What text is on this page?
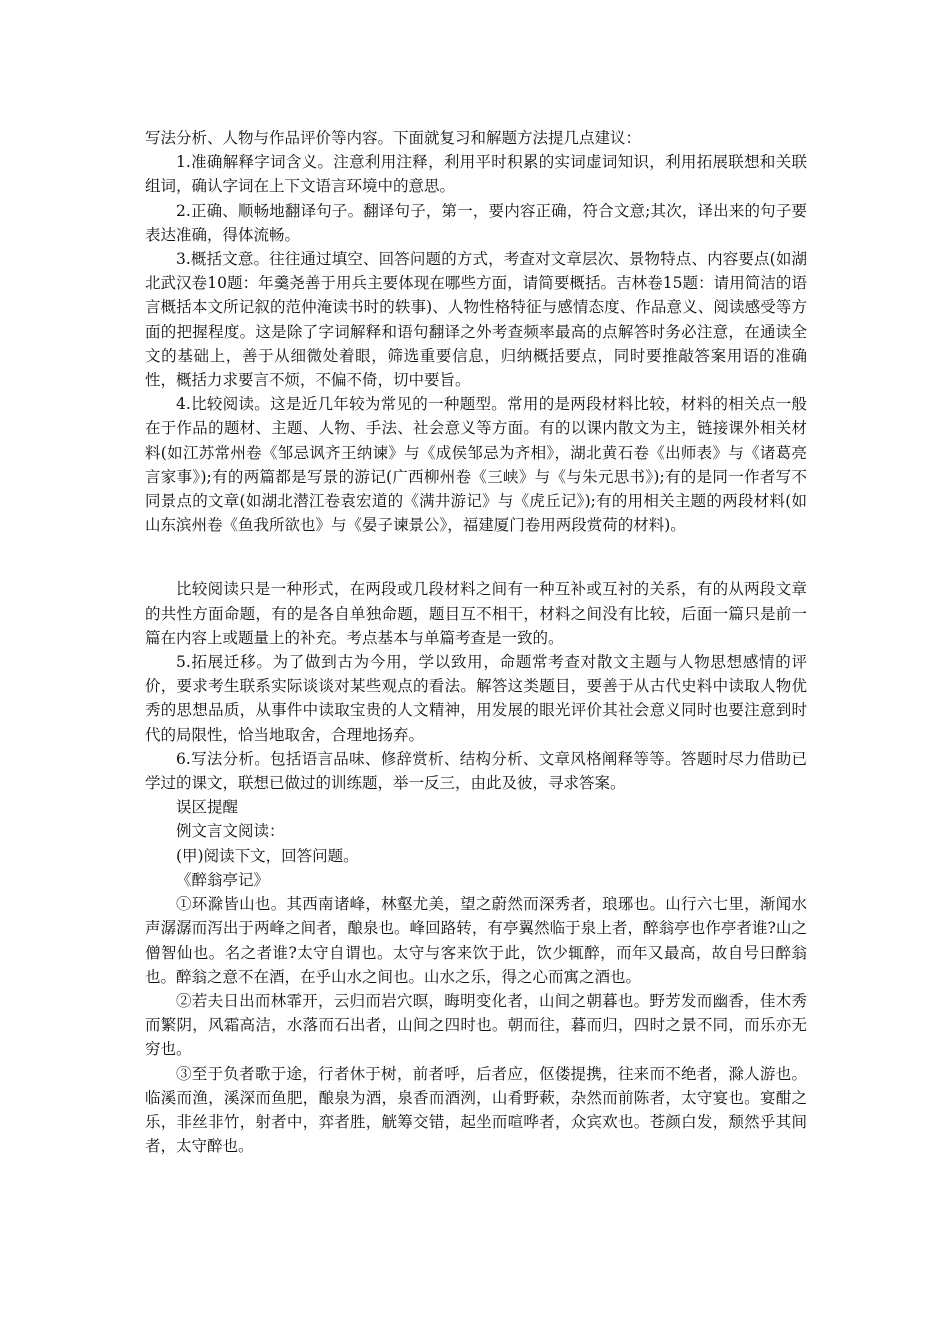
写法分析、人物与作品评价等内容。下面就复习和解题方法提几点建议：

1.准确解释字词含义。注意利用注释，利用平时积累的实词虚词知识，利用拓展联想和关联组词，确认字词在上下文语言环境中的意思。

2.正确、顺畅地翻译句子。翻译句子，第一，要内容正确，符合文意;其次，译出来的句子要表达准确，得体流畅。

3.概括文意。往往通过填空、回答问题的方式，考查对文章层次、景物特点、内容要点(如湖北武汉卷10题：年羹尧善于用兵主要体现在哪些方面，请简要概括。吉林卷15题：请用简洁的语言概括本文所记叙的范仲淹读书时的轶事)、人物性格特征与感情态度、作品意义、阅读感受等方面的把握程度。这是除了字词解释和语句翻译之外考查频率最高的点解答时务必注意，在通读全文的基础上，善于从细微处着眼，筛选重要信息，归纳概括要点，同时要推敲答案用语的准确性，概括力求要言不烦，不偏不倚，切中要旨。

4.比较阅读。这是近几年较为常见的一种题型。常用的是两段材料比较，材料的相关点一般在于作品的题材、主题、人物、手法、社会意义等方面。有的以课内散文为主，链接课外相关材料(如江苏常州卷《邹忌讽齐王纳谏》与《成侯邹忌为齐相》，湖北黄石卷《出师表》与《诸葛亮言家事》);有的两篇都是写景的游记(广西柳州卷《三峡》与《与朱元思书》);有的是同一作者写不同景点的文章(如湖北潜江卷袁宏道的《满井游记》与《虎丘记》);有的用相关主题的两段材料(如山东滨州卷《鱼我所欲也》与《晏子谏景公》，福建厦门卷用两段赏荷的材料)。

比较阅读只是一种形式，在两段或几段材料之间有一种互补或互衬的关系，有的从两段文章的共性方面命题，有的是各自单独命题，题目互不相干，材料之间没有比较，后面一篇只是前一篇在内容上或题量上的补充。考点基本与单篇考查是一致的。

5.拓展迁移。为了做到古为今用，学以致用，命题常考查对散文主题与人物思想感情的评价，要求考生联系实际谈谈对某些观点的看法。解答这类题目，要善于从古代史料中读取人物优秀的思想品质，从事件中读取宝贵的人文精神，用发展的眼光评价其社会意义同时也要注意到时代的局限性，恰当地取舍，合理地扬弃。

6.写法分析。包括语言品味、修辞赏析、结构分析、文章风格阐释等等。答题时尽力借助已学过的课文，联想已做过的训练题，举一反三，由此及彼，寻求答案。

误区提醒

例文言文阅读：

(甲)阅读下文，回答问题。

《醉翁亭记》

①环滁皆山也。其西南诸峰，林壑尤美，望之蔚然而深秀者，琅琊也。山行六七里，渐闻水声潺潺而泻出于两峰之间者，酿泉也。峰回路转，有亭翼然临于泉上者，醉翁亭也作亭者谁?山之僧智仙也。名之者谁?太守自谓也。太守与客来饮于此，饮少辄醉，而年又最高，故自号曰醉翁也。醉翁之意不在酒，在乎山水之间也。山水之乐，得之心而寓之酒也。

②若夫日出而林霏开，云归而岩穴暝，晦明变化者，山间之朝暮也。野芳发而幽香，佳木秀而繁阴，风霜高洁，水落而石出者，山间之四时也。朝而往，暮而归，四时之景不同，而乐亦无穷也。

③至于负者歌于途，行者休于树，前者呼，后者应，伛偻提携，往来而不绝者，滁人游也。临溪而渔，溪深而鱼肥，酿泉为酒，泉香而酒洌，山肴野蔌，杂然而前陈者，太守宴也。宴酣之乐，非丝非竹，射者中，弈者胜，觥筹交错，起坐而喧哗者，众宾欢也。苍颜白发，颓然乎其间者，太守醉也。
